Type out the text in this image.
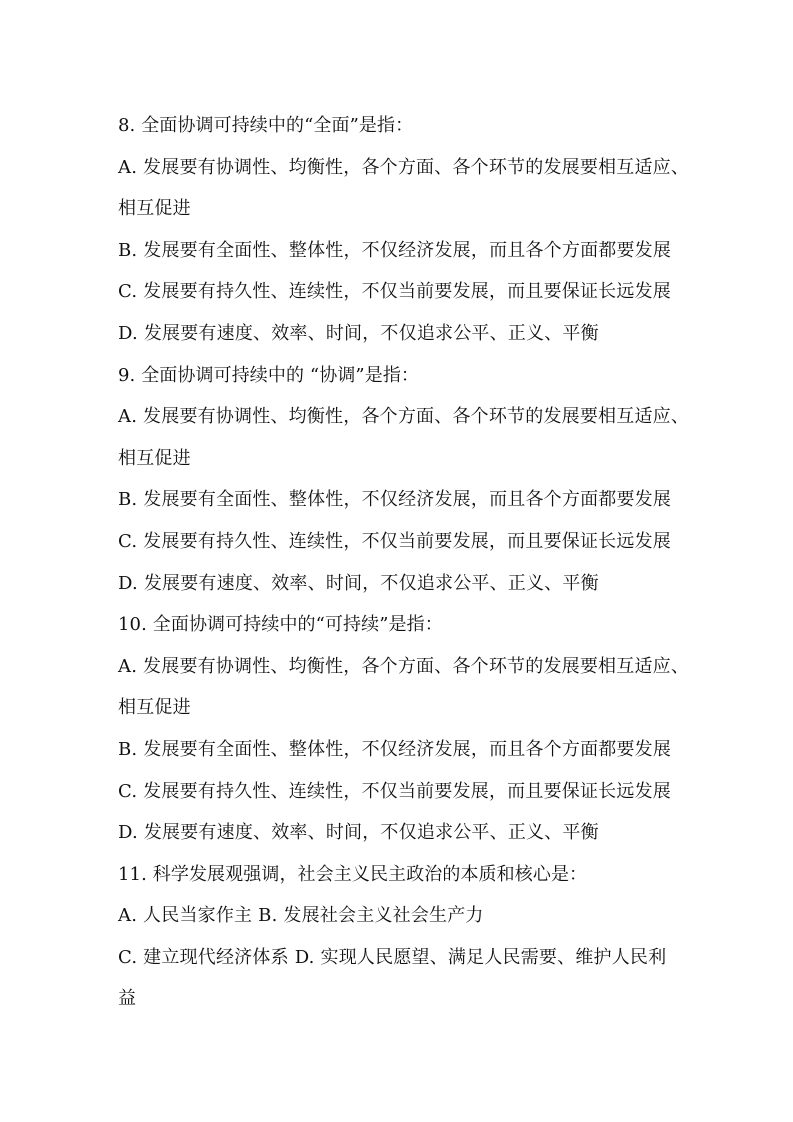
8. 全面协调可持续中的“全面”是指：
A. 发展要有协调性、均衡性，各个方面、各个环节的发展要相互适应、
相互促进
B. 发展要有全面性、整体性，不仅经济发展，而且各个方面都要发展
C. 发展要有持久性、连续性，不仅当前要发展，而且要保证长远发展
D. 发展要有速度、效率、时间，不仅追求公平、正义、平衡
9. 全面协调可持续中的 “协调”是指：
A. 发展要有协调性、均衡性，各个方面、各个环节的发展要相互适应、
相互促进
B. 发展要有全面性、整体性，不仅经济发展，而且各个方面都要发展
C. 发展要有持久性、连续性，不仅当前要发展，而且要保证长远发展
D. 发展要有速度、效率、时间，不仅追求公平、正义、平衡
10. 全面协调可持续中的“可持续”是指：
A. 发展要有协调性、均衡性，各个方面、各个环节的发展要相互适应、
相互促进
B. 发展要有全面性、整体性，不仅经济发展，而且各个方面都要发展
C. 发展要有持久性、连续性，不仅当前要发展，而且要保证长远发展
D. 发展要有速度、效率、时间，不仅追求公平、正义、平衡
11. 科学发展观强调，社会主义民主政治的本质和核心是：
A. 人民当家作主 B. 发展社会主义社会生产力
C. 建立现代经济体系 D. 实现人民愿望、满足人民需要、维护人民利
益
